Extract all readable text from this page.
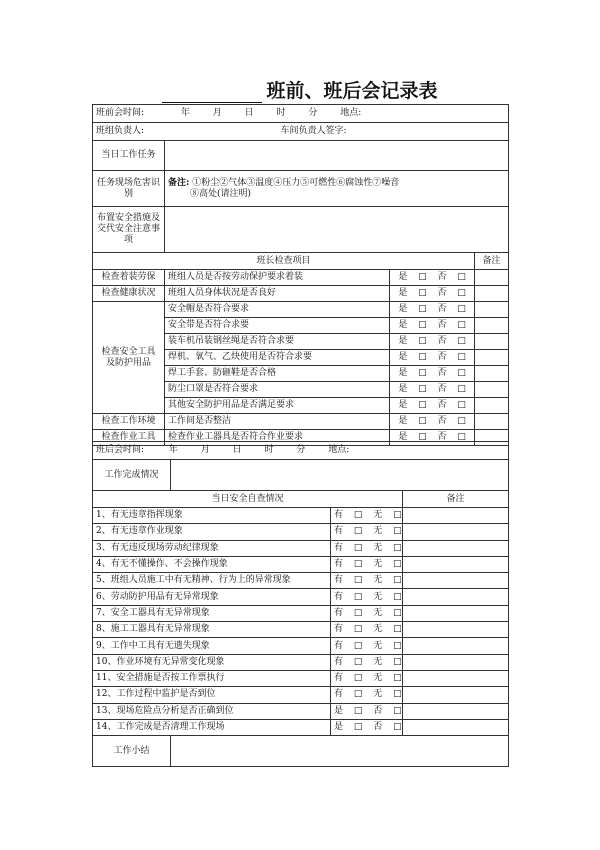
班前、班后会记录表
班前会时间: 年 月 日 时 分 地点:			
班组负责人: 车间负责人签字:			

当日工作任务			
任务现场危害识别	备注: ①粉尘②气体③温度④压力⑤可燃性⑥腐蚀性⑦噪音
⑧高处(请注明)		
布置安全措施及交代安全注意事项			
班长检查项目			备注
检查着装劳保	班组人员是否按劳动保护要求着装	是 □ 否 □	
检查健康状况	班组人员身体状况是否良好	是 □ 否 □	
检查安全工具及防护用品	安全帽是否符合要求	是 □ 否 □	
	安全带是否符合求要	是 □ 否 □	
	装车机吊装钢丝绳是否符合求要	是 □ 否 □	
	焊机、氧气、乙炔使用是否符合求要	是 □ 否 □	
	焊工手套、防砸鞋是否合格	是 □ 否 □	
	防尘口罩是否符合要求	是 □ 否 □	
	其他安全防护用品是否满足要求	是 □ 否 □	
检查工作环境	工作间是否整洁	是 □ 否 □	
检查作业工具	检查作业工器具是否符合作业要求	是 □ 否 □	
班后会时间: 年 月 日 时 分 地点:			
工作完成情况			
当日安全自查情况			备注
1、有无违章指挥现象		有 □ 无 □	
2、有无违章作业现象		有 □ 无 □	
3、有无违反现场劳动纪律现象		有 □ 无 □	
4、有无不懂操作、不会操作现象		有 □ 无 □	
5、班组人员施工中有无精神、行为上的异常现象		有 □ 无 □	
6、劳动防护用品有无异常现象		有 □ 无 □	
7、安全工器具有无异常现象		有 □ 无 □	
8、施工工器具有无异常现象		有 □ 无 □	
9、工作中工具有无遗失现象		有 □ 无 □	
10、作业环境有无异常变化现象		有 □ 无 □	
11、安全措施是否按工作票执行		有 □ 无 □	
12、工作过程中监护是否到位		有 □ 无 □	
13、现场危险点分析是否正确到位		是 □ 否 □	
14、工作完成是否清理工作现场		是 □ 否 □	
工作小结			
